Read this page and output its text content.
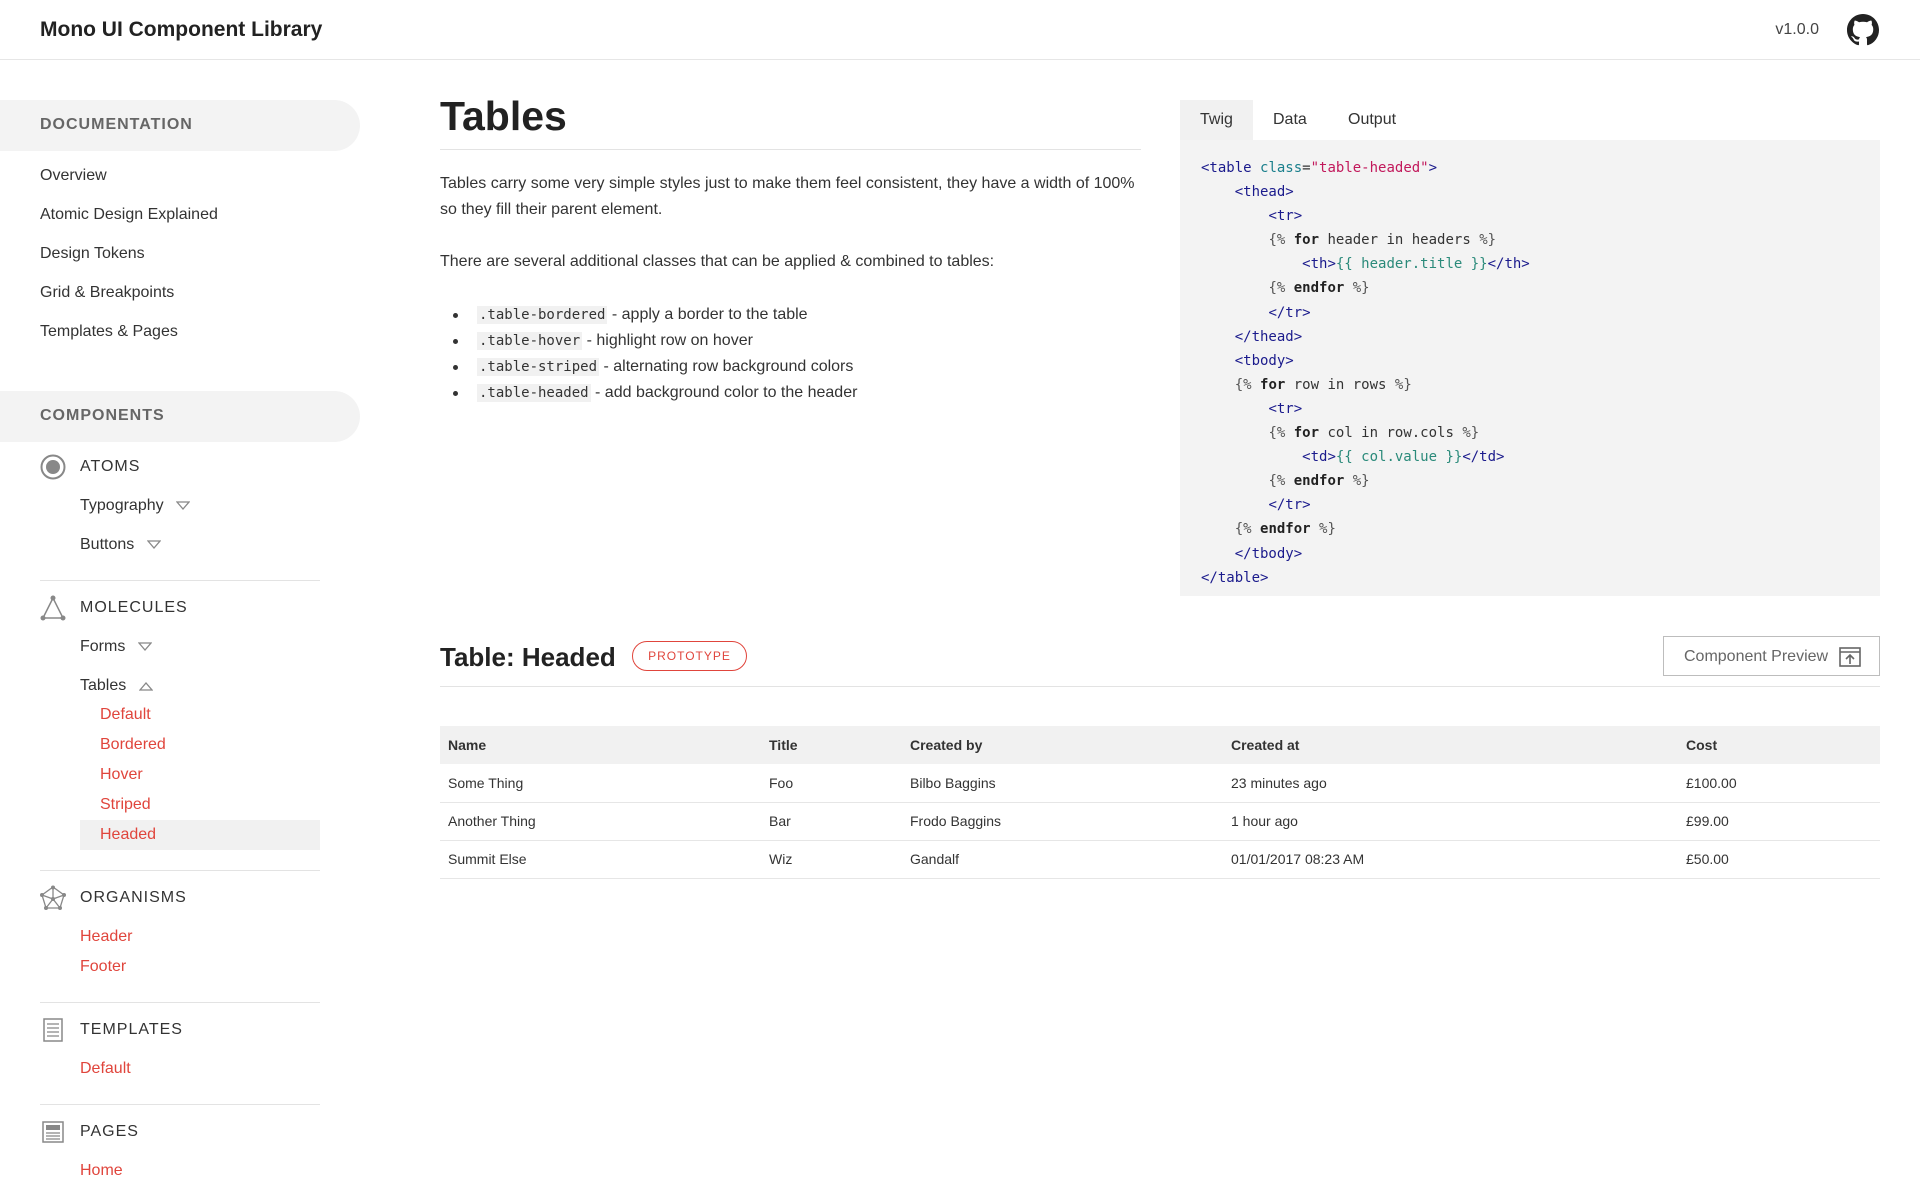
Mono UI Component Library	v1.0.0
DOCUMENTATION
Overview
Atomic Design Explained
Design Tokens
Grid & Breakpoints
Templates & Pages
COMPONENTS
ATOMS
Typography
Buttons
MOLECULES
Forms
Tables
Default
Bordered
Hover
Striped
Headed
ORGANISMS
Header
Footer
TEMPLATES
Default
PAGES
Home
Tables

Tables carry some very simple styles just to make them feel consistent, they have a width of 100% so they fill their parent element.

There are several additional classes that can be applied & combined to tables:

.table-bordered - apply a border to the table
.table-hover - highlight row on hover
.table-striped - alternating row background colors
.table-headed - add background color to the header
Twig	Data	Output
<table class="table-headed">
<thead>
<tr>
{% for header in headers %}
<th>{{ header.title }}</th>
{% endfor %}
</tr>
</thead>
<tbody>
{% for row in rows %}
<tr>
{% for col in row.cols %}
<td>{{ col.value }}</td>
{% endfor %}
</tr>
{% endfor %}
</tbody>
</table>
Table: Headed	PROTOTYPE	Component Preview
Name	Title	Created by	Created at	Cost
Some Thing	Foo	Bilbo Baggins	23 minutes ago	£100.00
Another Thing	Bar	Frodo Baggins	1 hour ago	£99.00
Summit Else	Wiz	Gandalf	01/01/2017 08:23 AM	£50.00
